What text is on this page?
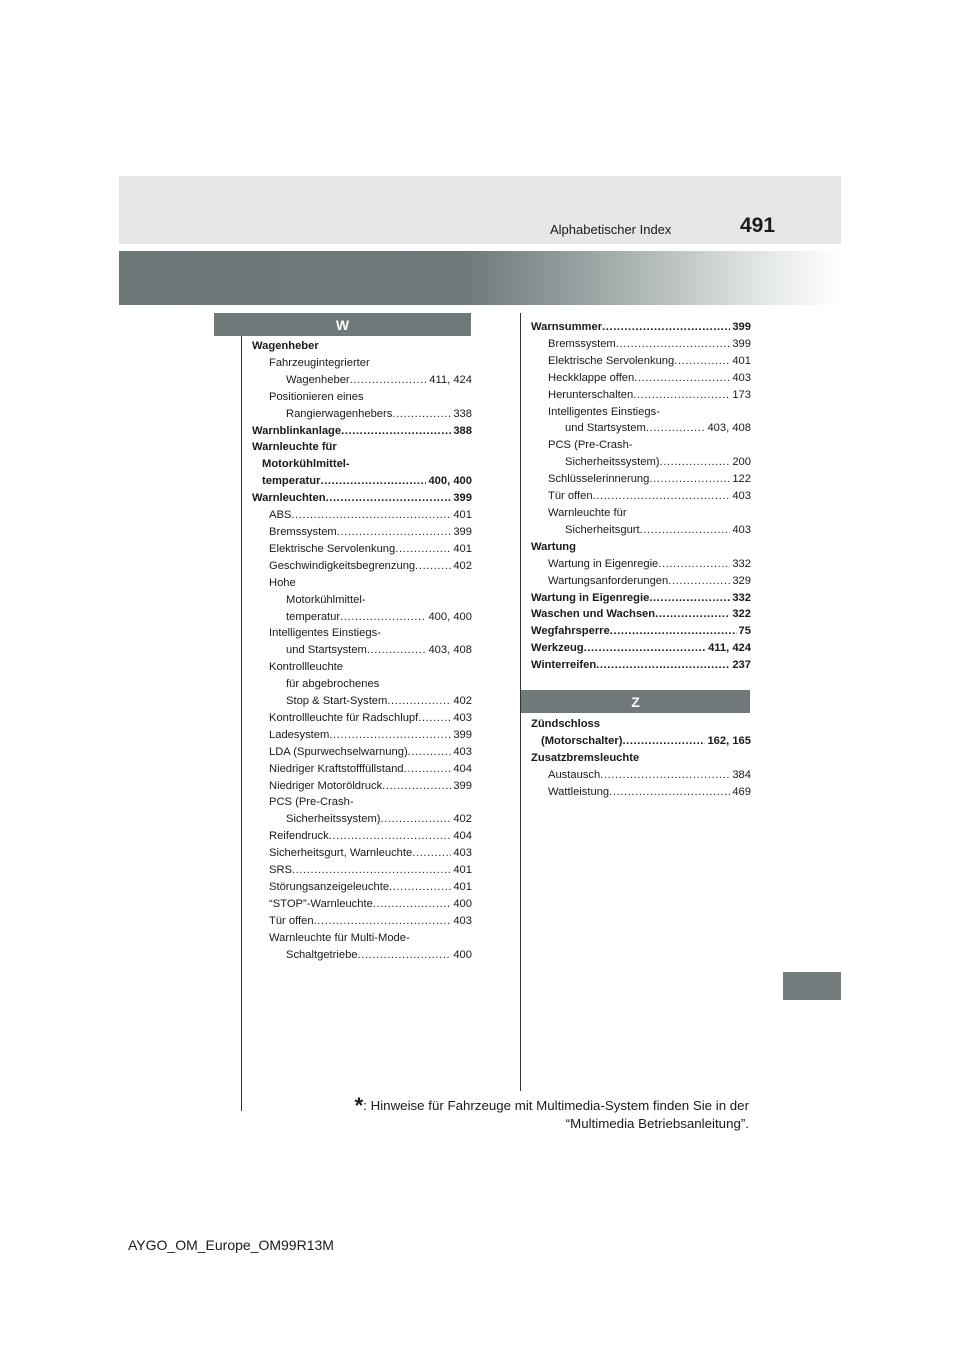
491
Alphabetischer Index
W
Wagenheber
Fahrzeugintegrierter
Wagenheber .....	411, 424
Positionieren eines
Rangierwagenhebers .....	338
Warnblinkanlage .....	388
Warnleuchte für
Motorkühlmittel-
temperatur .....	400, 400
Warnleuchten .....	399
ABS .....	401
Bremssystem .....	399
Elektrische Servolenkung .....	401
Geschwindigkeitsbegrenzung .....	402
Hohe
Motorkühlmittel-
temperatur .....	400, 400
Intelligentes Einstiegs-
und Startsystem .....	403, 408
Kontrollleuchte
für abgebrochenes
Stop & Start-System .....	402
Kontrollleuchte für Radschlupf .....	403
Ladesystem .....	399
LDA (Spurwechselwarnung) .....	403
Niedriger Kraftstofffüllstand .....	404
Niedriger Motoröldruck .....	399
PCS (Pre-Crash-
Sicherheitssystem) .....	402
Reifendruck .....	404
Sicherheitsgurt, Warnleuchte .....	403
SRS .....	401
Störungsanzeigeleuchte .....	401
“STOP”-Warnleuchte .....	400
Tür offen .....	403
Warnleuchte für Multi-Mode-
Schaltgetriebe .....	400
Warnsummer .....	399
Bremssystem .....	399
Elektrische Servolenkung .....	401
Heckklappe offen .....	403
Herunterschalten .....	173
Intelligentes Einstiegs-
und Startsystem .....	403, 408
PCS (Pre-Crash-
Sicherheitssystem) .....	200
Schlüsselerinnerung .....	122
Tür offen .....	403
Warnleuchte für
Sicherheitsgurt .....	403
Wartung
Wartung in Eigenregie .....	332
Wartungsanforderungen .....	329
Wartung in Eigenregie .....	332
Waschen und Wachsen .....	322
Wegfahrsperre .....	75
Werkzeug .....	411, 424
Winterreifen .....	237
Z
Zündschloss
(Motorschalter) .....	162, 165
Zusatzbremsleuchte
Austausch .....	384
Wattleistung .....	469
*: Hinweise für Fahrzeuge mit Multimedia-System finden Sie in der
“Multimedia Betriebsanleitung”.
AYGO_OM_Europe_OM99R13M
